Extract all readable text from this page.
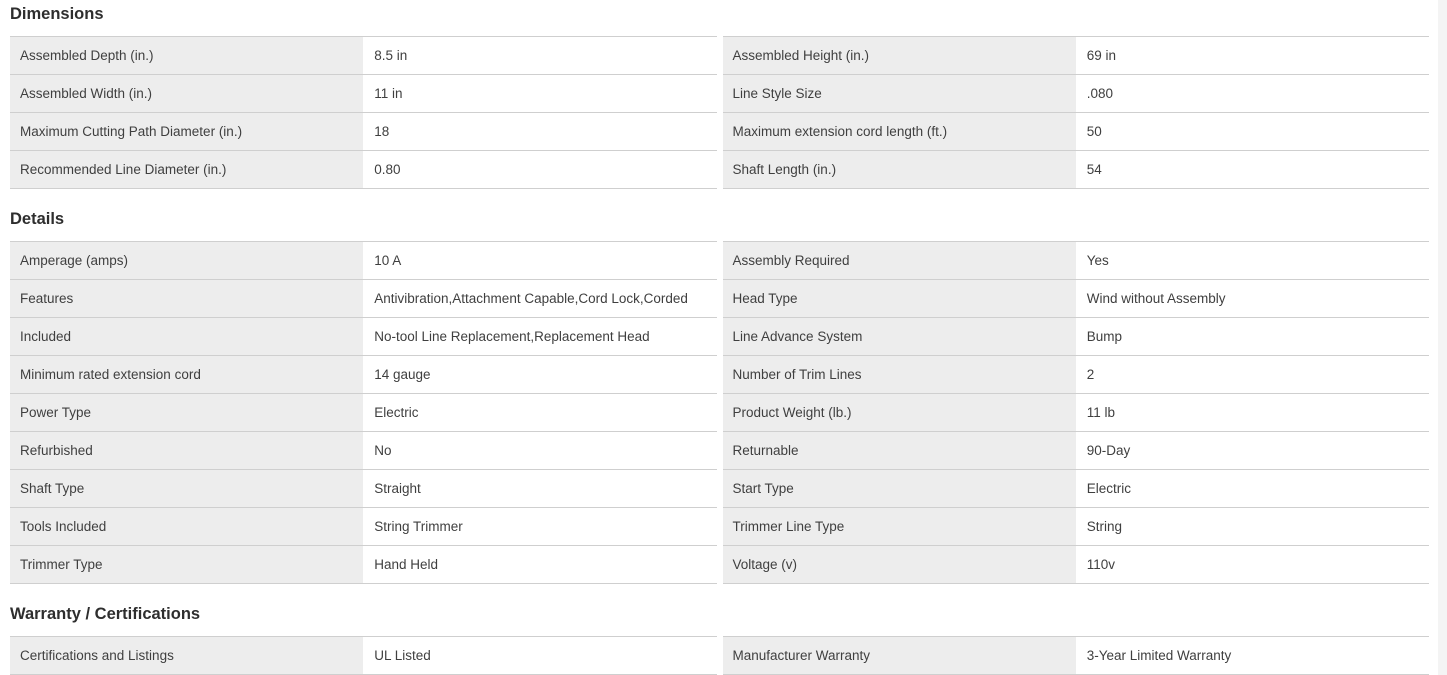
Dimensions
Assembled Depth (in.)	8.5 in	Assembled Height (in.)	69 in
Assembled Width (in.)	11 in	Line Style Size	.080
Maximum Cutting Path Diameter (in.)	18	Maximum extension cord length (ft.)	50
Recommended Line Diameter (in.)	0.80	Shaft Length (in.)	54
Details
Amperage (amps)	10 A	Assembly Required	Yes
Features	Antivibration,Attachment Capable,Cord Lock,Corded	Head Type	Wind without Assembly
Included	No-tool Line Replacement,Replacement Head	Line Advance System	Bump
Minimum rated extension cord	14 gauge	Number of Trim Lines	2
Power Type	Electric	Product Weight (lb.)	11 lb
Refurbished	No	Returnable	90-Day
Shaft Type	Straight	Start Type	Electric
Tools Included	String Trimmer	Trimmer Line Type	String
Trimmer Type	Hand Held	Voltage (v)	110v
Warranty / Certifications
Certifications and Listings	UL Listed	Manufacturer Warranty	3-Year Limited Warranty
